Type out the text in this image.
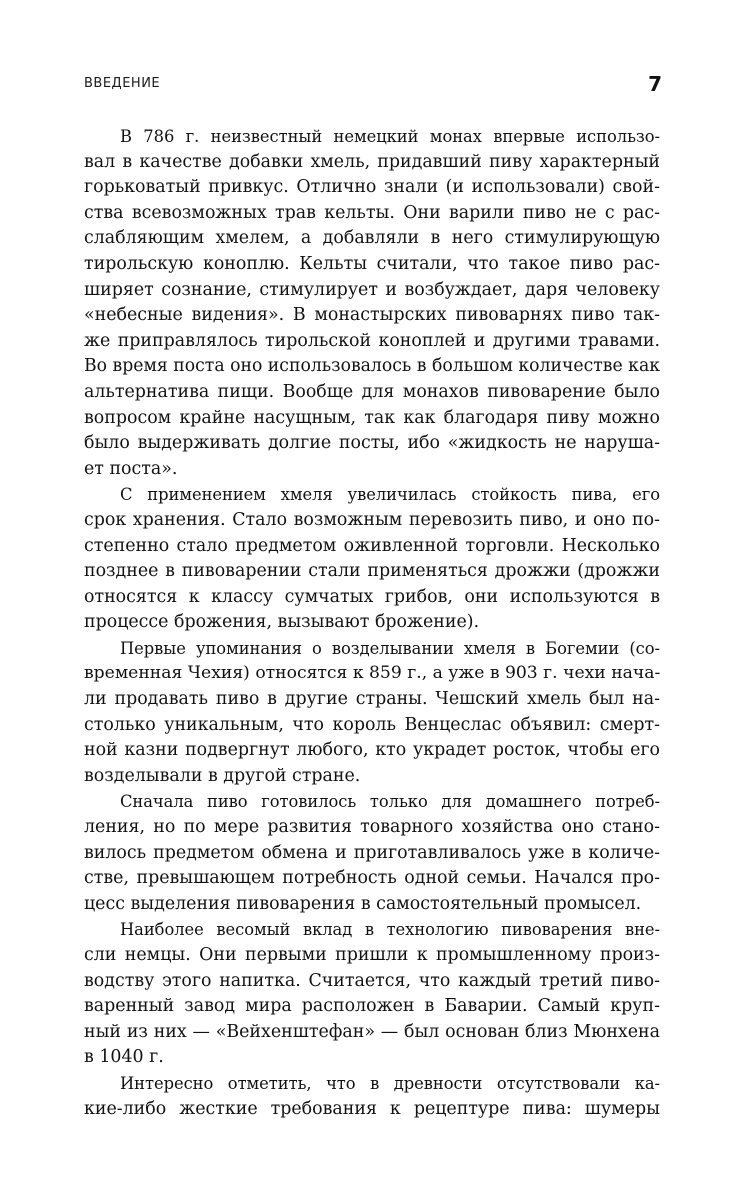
ВВЕДЕНИЕ	7

В 786 г. неизвестный немецкий монах впервые использо-
вал в качестве добавки хмель, придавший пиву характерный
горьковатый привкус. Отлично знали (и использовали) свой-
ства всевозможных трав кельты. Они варили пиво не с рас-
слабляющим хмелем, а добавляли в него стимулирующую
тирольскую коноплю. Кельты считали, что такое пиво рас-
ширяет сознание, стимулирует и возбуждает, даря человеку
«небесные видения». В монастырских пивоварнях пиво так-
же приправлялось тирольской коноплей и другими травами.
Во время поста оно использовалось в большом количестве как
альтернатива пищи. Вообще для монахов пивоварение было
вопросом крайне насущным, так как благодаря пиву можно
было выдерживать долгие посты, ибо «жидкость не наруша-
ет поста».

С применением хмеля увеличилась стойкость пива, его
срок хранения. Стало возможным перевозить пиво, и оно по-
степенно стало предметом оживленной торговли. Несколько
позднее в пивоварении стали применяться дрожжи (дрожжи
относятся к классу сумчатых грибов, они используются в
процессе брожения, вызывают брожение).

Первые упоминания о возделывании хмеля в Богемии (со-
временная Чехия) относятся к 859 г., а уже в 903 г. чехи нача-
ли продавать пиво в другие страны. Чешский хмель был на-
столько уникальным, что король Венцеслас объявил: смерт-
ной казни подвергнут любого, кто украдет росток, чтобы его
возделывали в другой стране.

Сначала пиво готовилось только для домашнего потреб-
ления, но по мере развития товарного хозяйства оно стано-
вилось предметом обмена и приготавливалось уже в количе-
стве, превышающем потребность одной семьи. Начался про-
цесс выделения пивоварения в самостоятельный промысел.

Наиболее весомый вклад в технологию пивоварения вне-
сли немцы. Они первыми пришли к промышленному произ-
водству этого напитка. Считается, что каждый третий пиво-
варенный завод мира расположен в Баварии. Самый круп-
ный из них — «Вейхенштефан» — был основан близ Мюнхена
в 1040 г.

Интересно отметить, что в древности отсутствовали ка-
кие-либо жесткие требования к рецептуре пива: шумеры
